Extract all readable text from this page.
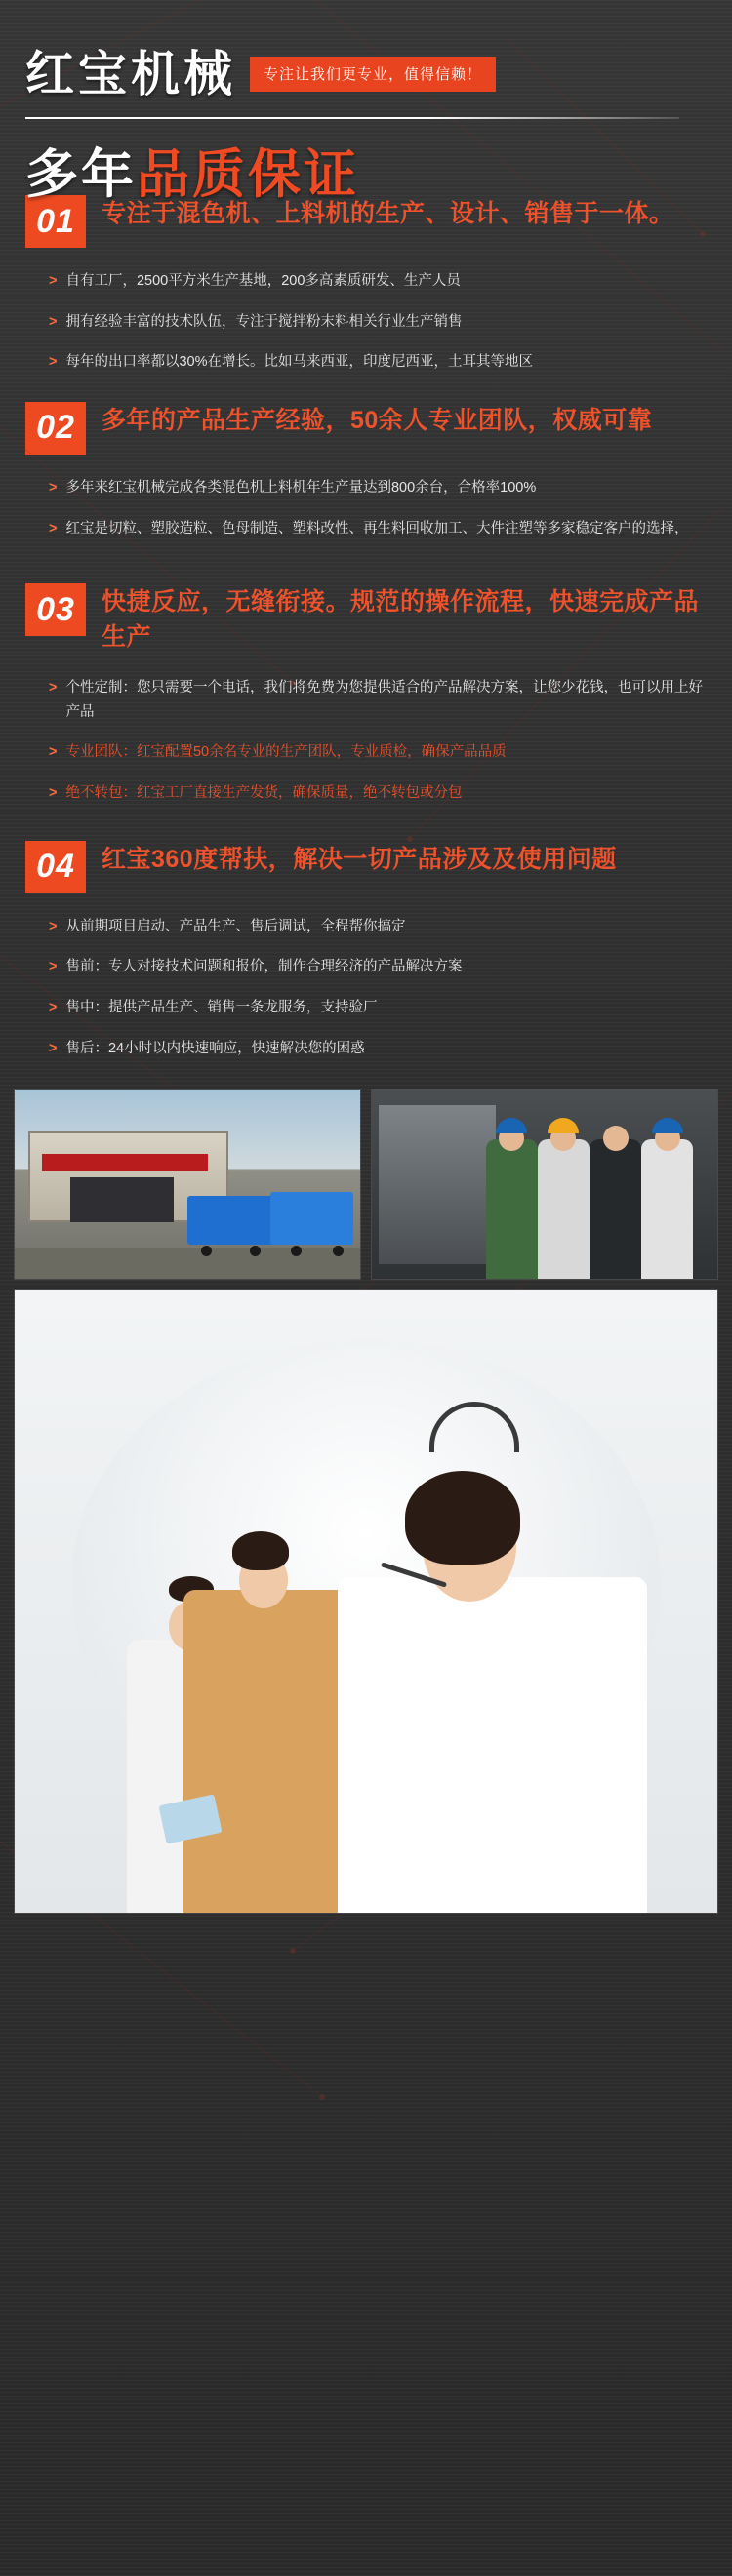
红宝机械	专注让我们更专业，值得信赖！
多年品质保证
01	专注于混色机、上料机的生产、设计、销售于一体。
> 自有工厂，2500平方米生产基地，200多高素质研发、生产人员
> 拥有经验丰富的技术队伍，专注于搅拌粉末料相关行业生产销售
> 每年的出口率都以30%在增长。比如马来西亚，印度尼西亚，土耳其等地区
02	多年的产品生产经验，50余人专业团队，权威可靠
> 多年来红宝机械完成各类混色机上料机年生产量达到800余台，合格率100%
> 红宝是切粒、塑胶造粒、色母制造、塑料改性、再生料回收加工、大件注塑等多家稳定客户的选择，
03	快捷反应，无缝衔接。规范的操作流程，快速完成产品生产
> 个性定制：您只需要一个电话，我们将免费为您提供适合的产品解决方案，让您少花钱，也可以用上好产品
> 专业团队：红宝配置50余名专业的生产团队，专业质检，确保产品品质
> 绝不转包：红宝工厂直接生产发货，确保质量，绝不转包或分包
04	红宝360度帮扶，解决一切产品涉及及使用问题
> 从前期项目启动、产品生产、售后调试，全程帮你搞定
> 售前：专人对接技术问题和报价，制作合理经济的产品解决方案
> 售中：提供产品生产、销售一条龙服务，支持验厂
> 售后：24小时以内快速响应，快速解决您的困惑
